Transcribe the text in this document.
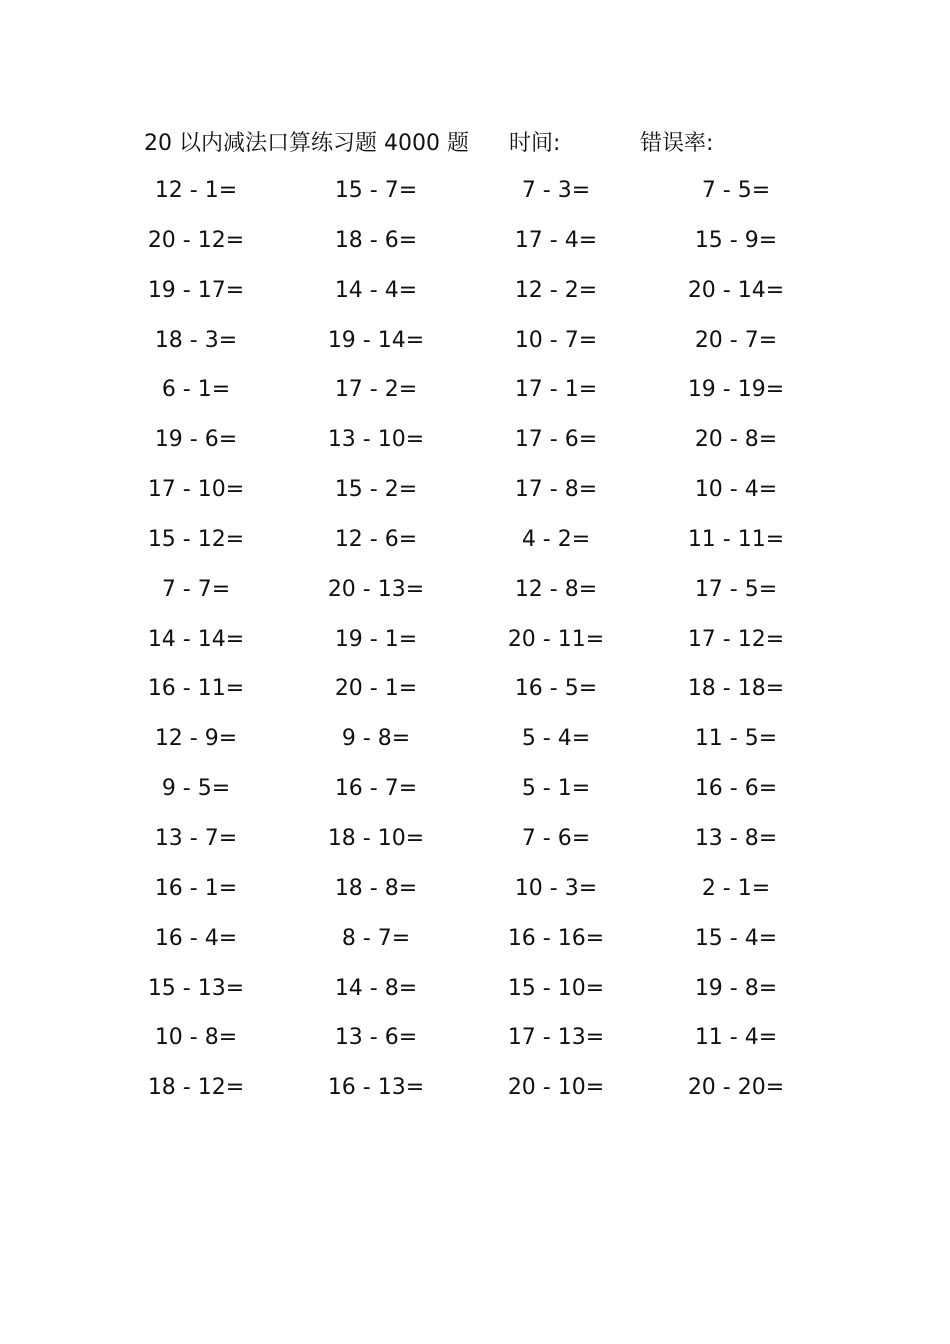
20 以内减法口算练习题 4000 题 时间:	错误率:
12 - 1=	15 - 7=	7 - 3=	7 - 5=
20 - 12=	18 - 6=	17 - 4=	15 - 9=
19 - 17=	14 - 4=	12 - 2=	20 - 14=
18 - 3=	19 - 14=	10 - 7=	20 - 7=
6 - 1=	17 - 2=	17 - 1=	19 - 19=
19 - 6=	13 - 10=	17 - 6=	20 - 8=
17 - 10=	15 - 2=	17 - 8=	10 - 4=
15 - 12=	12 - 6=	4 - 2=	11 - 11=
7 - 7=	20 - 13=	12 - 8=	17 - 5=
14 - 14=	19 - 1=	20 - 11=	17 - 12=
16 - 11=	20 - 1=	16 - 5=	18 - 18=
12 - 9=	9 - 8=	5 - 4=	11 - 5=
9 - 5=	16 - 7=	5 - 1=	16 - 6=
13 - 7=	18 - 10=	7 - 6=	13 - 8=
16 - 1=	18 - 8=	10 - 3=	2 - 1=
16 - 4=	8 - 7=	16 - 16=	15 - 4=
15 - 13=	14 - 8=	15 - 10=	19 - 8=
10 - 8=	13 - 6=	17 - 13=	11 - 4=
18 - 12=	16 - 13=	20 - 10=	20 - 20=
